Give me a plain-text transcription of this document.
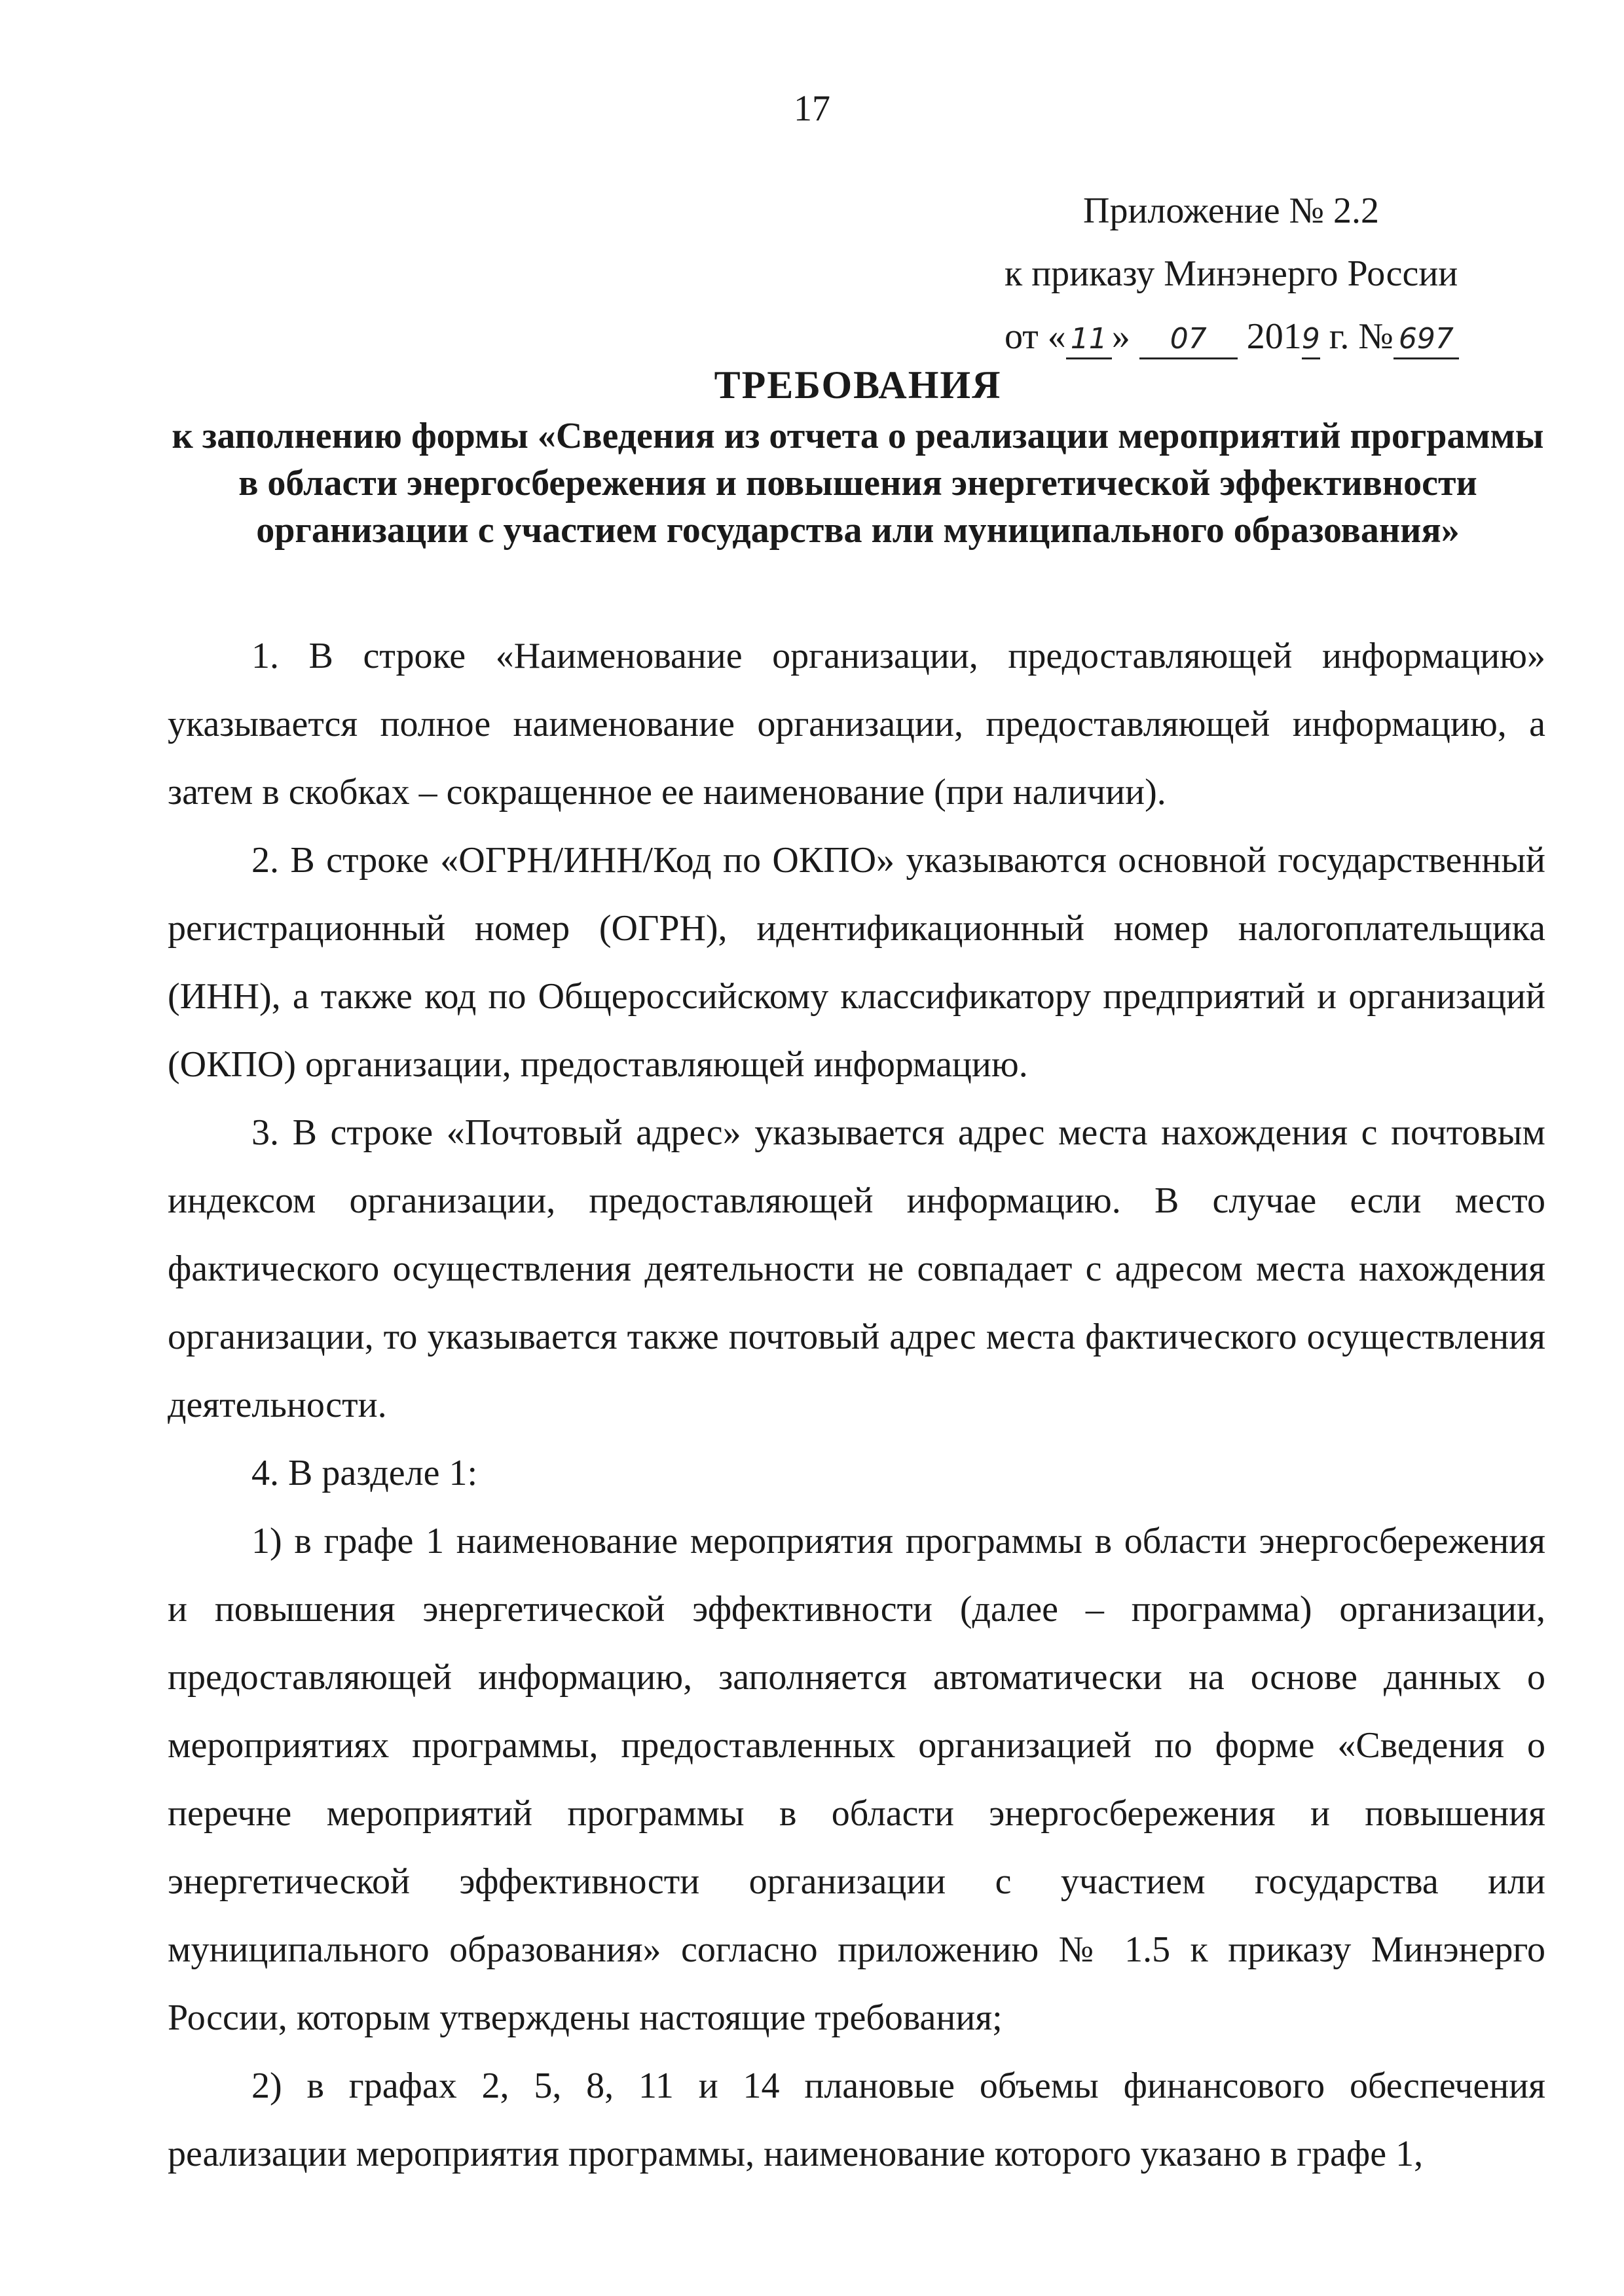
17
Приложение № 2.2
к приказу Минэнерго России
от « 11 » 07 2019 г. № 697
ТРЕБОВАНИЯ
к заполнению формы «Сведения из отчета о реализации мероприятий программы в области энергосбережения и повышения энергетической эффективности организации с участием государства или муниципального образования»

1. В строке «Наименование организации, предоставляющей информацию» указывается полное наименование организации, предоставляющей информацию, а затем в скобках – сокращенное ее наименование (при наличии).

2. В строке «ОГРН/ИНН/Код по ОКПО» указываются основной государственный регистрационный номер (ОГРН), идентификационный номер налогоплательщика (ИНН), а также код по Общероссийскому классификатору предприятий и организаций (ОКПО) организации, предоставляющей информацию.

3. В строке «Почтовый адрес» указывается адрес места нахождения с почтовым индексом организации, предоставляющей информацию. В случае если место фактического осуществления деятельности не совпадает с адресом места нахождения организации, то указывается также почтовый адрес места фактического осуществления деятельности.

4. В разделе 1:

1) в графе 1 наименование мероприятия программы в области энергосбережения и повышения энергетической эффективности (далее – программа) организации, предоставляющей информацию, заполняется автоматически на основе данных о мероприятиях программы, предоставленных организацией по форме «Сведения о перечне мероприятий программы в области энергосбережения и повышения энергетической эффективности организации с участием государства или муниципального образования» согласно приложению № 1.5 к приказу Минэнерго России, которым утверждены настоящие требования;

2) в графах 2, 5, 8, 11 и 14 плановые объемы финансового обеспечения реализации мероприятия программы, наименование которого указано в графе 1,
